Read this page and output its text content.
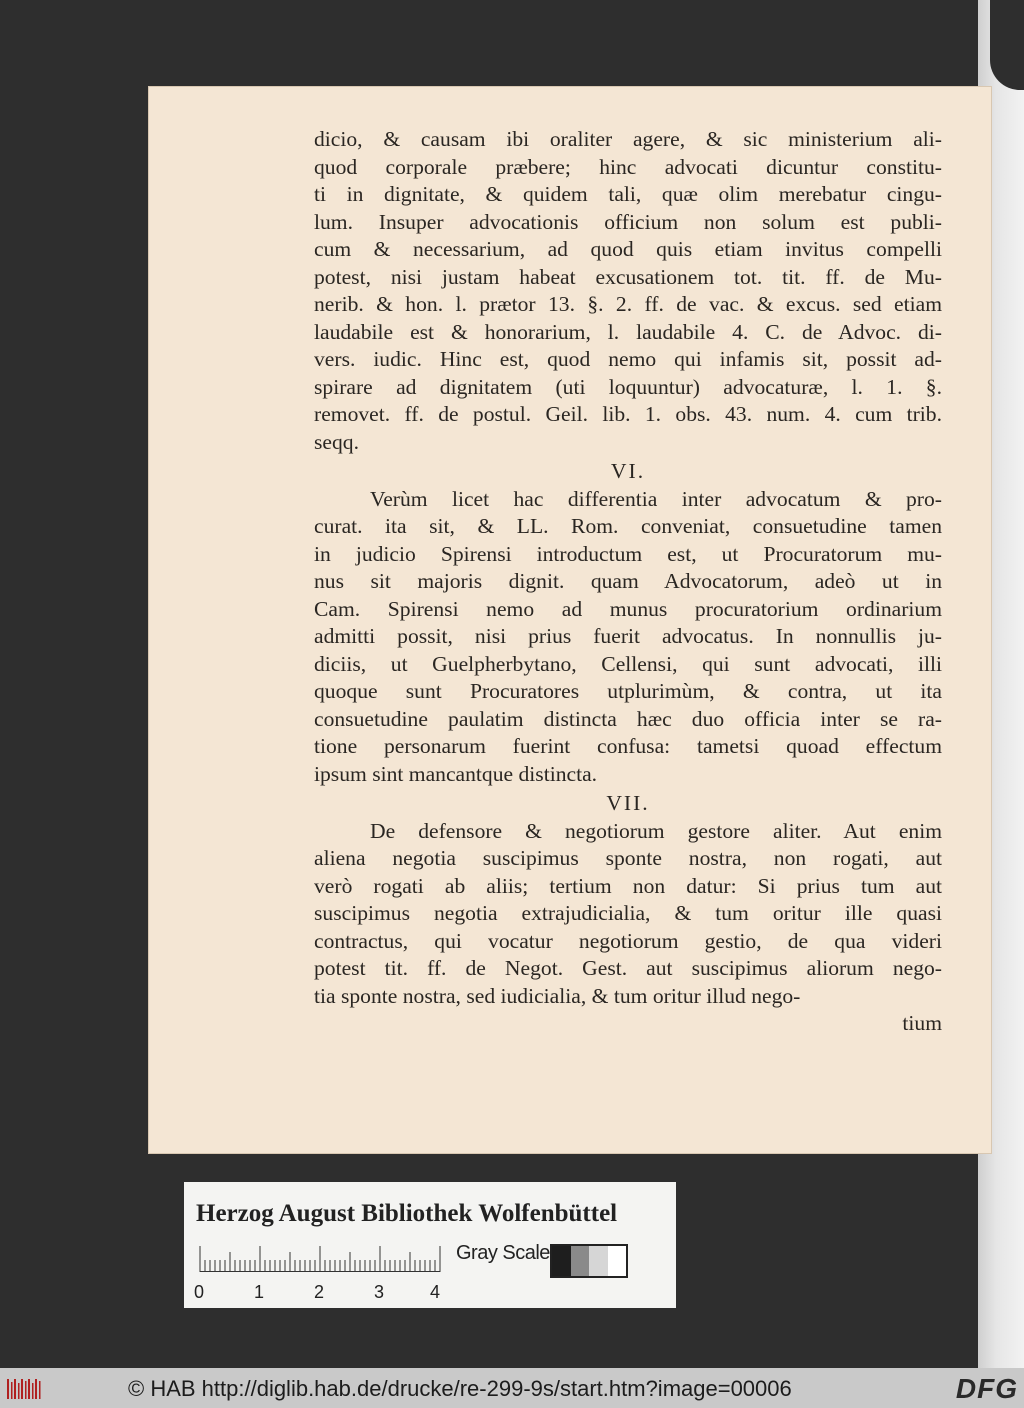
dicio, & causam ibi oraliter agere, & sic ministerium ali-
quod corporale præbere; hinc advocati dicuntur constitu-
ti in dignitate, & quidem tali, quæ olim merebatur cingu-
lum. Insuper advocationis officium non solum est publi-
cum & necessarium, ad quod quis etiam invitus compelli
potest, nisi justam habeat excusationem tot. tit. ff. de Mu-
nerib. & hon. l. prætor 13. §. 2. ff. de vac. & excus. sed etiam
laudabile est & honorarium, l. laudabile 4. C. de Advoc. di-
vers. iudic. Hinc est, quod nemo qui infamis sit, possit ad-
spirare ad dignitatem (uti loquuntur) advocaturæ, l. 1. §.
removet. ff. de postul. Geil. lib. 1. obs. 43. num. 4. cum trib.
seqq.
VI.
Verùm licet hac differentia inter advocatum & pro-
curat. ita sit, & LL. Rom. conveniat, consuetudine tamen
in judicio Spirensi introductum est, ut Procuratorum mu-
nus sit majoris dignit. quam Advocatorum, adeò ut in
Cam. Spirensi nemo ad munus procuratorium ordinarium
admitti possit, nisi prius fuerit advocatus. In nonnullis ju-
diciis, ut Guelpherbytano, Cellensi, qui sunt advocati, illi
quoque sunt Procuratores utplurimùm, & contra, ut ita
consuetudine paulatim distincta hæc duo officia inter se ra-
tione personarum fuerint confusa: tametsi quoad effectum
ipsum sint mancantque distincta.
VII.
De defensore & negotiorum gestore aliter. Aut enim
aliena negotia suscipimus sponte nostra, non rogati, aut
verò rogati ab aliis; tertium non datur: Si prius tum aut
suscipimus negotia extrajudicialia, & tum oritur ille quasi
contractus, qui vocatur negotiorum gestio, de qua videri
potest tit. ff. de Negot. Gest. aut suscipimus aliorum nego-
tia sponte nostra, sed iudicialia, & tum oritur illud nego-
tium
Herzog August Bibliothek Wolfenbüttel
0	1	2	3	4
Gray Scale
© HAB http://diglib.hab.de/drucke/re-299-9s/start.htm?image=00006	DFG
